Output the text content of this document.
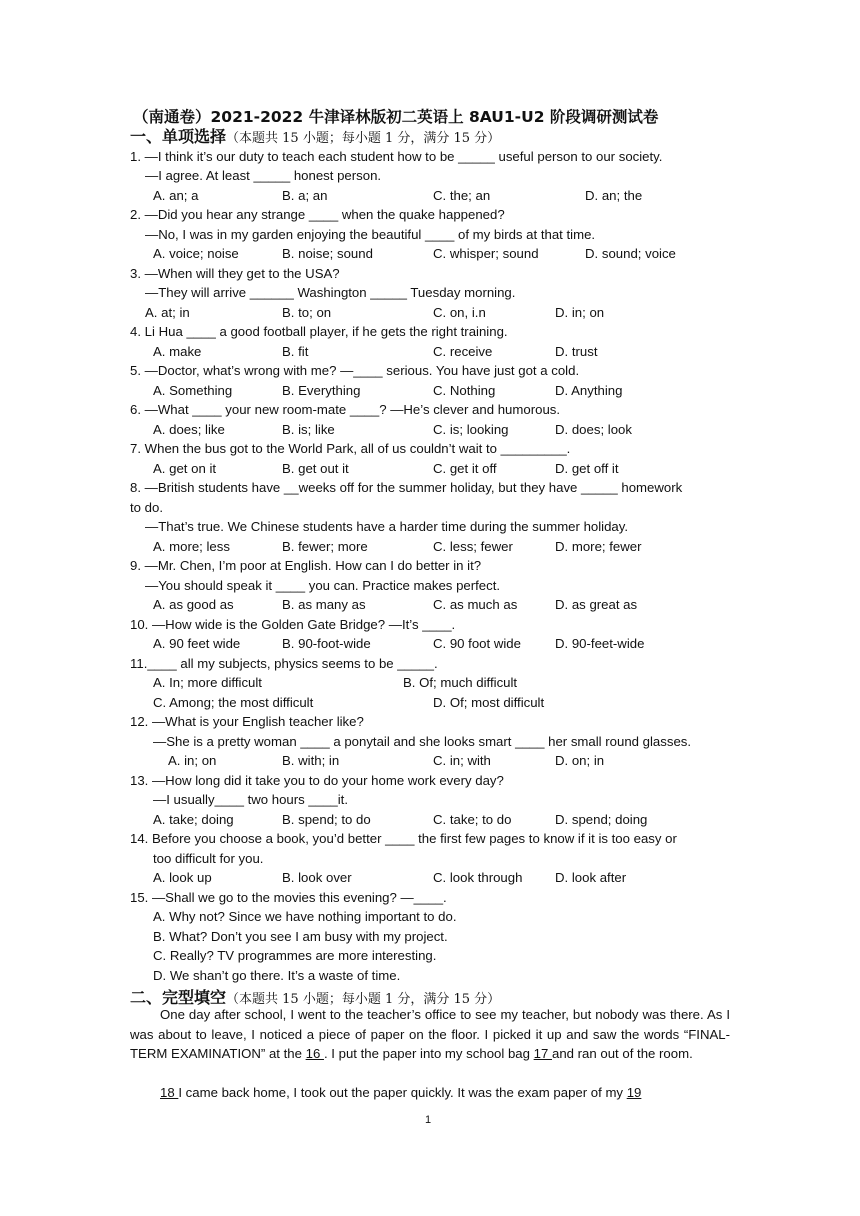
（南通卷）2021-2022 牛津译林版初二英语上 8AU1-U2 阶段调研测试卷
一、单项选择（本题共 15 小题；每小题 1 分，满分 15 分）
1. —I think it’s our duty to teach each student how to be _____ useful person to our society.
—I agree. At least _____ honest person.
A. an; a	B. a; an	C. the; an	D. an; the
2. —Did you hear any strange ____ when the quake happened?
—No, I was in my garden enjoying the beautiful ____ of my birds at that time.
A. voice; noise	B. noise; sound	C. whisper; sound	D. sound; voice
3. —When will they get to the USA?
—They will arrive ______ Washington _____ Tuesday morning.
A. at; in	B. to; on	C. on, i.n	D. in; on
4. Li Hua ____ a good football player, if he gets the right training.
A. make	B. fit	C. receive	D. trust
5. —Doctor, what’s wrong with me? —____ serious. You have just got a cold.
A. Something	B. Everything	C. Nothing	D. Anything
6. —What ____ your new room-mate ____? —He’s clever and humorous.
A. does; like	B. is; like	C. is; looking	D. does; look
7. When the bus got to the World Park, all of us couldn’t wait to _________.
A. get on it	B. get out it	C. get it off	D. get off it
8. —British students have __weeks off for the summer holiday, but they have _____ homework
to do.
—That’s true. We Chinese students have a harder time during the summer holiday.
A. more; less	B. fewer; more	C. less; fewer	D. more; fewer
9. —Mr. Chen, I’m poor at English. How can I do better in it?
—You should speak it ____ you can. Practice makes perfect.
A. as good as	B. as many as	C. as much as	D. as great as
10. —How wide is the Golden Gate Bridge? —It’s ____.
A. 90 feet wide	B. 90-foot-wide	C. 90 foot wide	D. 90-feet-wide
11.____ all my subjects, physics seems to be _____.
A. In; more difficult	B. Of; much difficult
C. Among; the most difficult	D. Of; most difficult
12. —What is your English teacher like?
—She is a pretty woman ____ a ponytail and she looks smart ____ her small round glasses.
A. in; on	B. with; in	C. in; with	D. on; in
13. —How long did it take you to do your home work every day?
—I usually____ two hours ____it.
A. take; doing	B. spend; to do	C. take; to do	D. spend; doing
14. Before you choose a book, you’d better ____ the first few pages to know if it is too easy or
too difficult for you.
A. look up	B. look over	C. look through D. look after
15. —Shall we go to the movies this evening? —____.
A. Why not? Since we have nothing important to do.
B. What? Don’t you see I am busy with my project.
C. Really? TV programmes are more interesting.
D. We shan’t go there. It’s a waste of time.
二、完型填空（本题共 15 小题；每小题 1 分，满分 15 分）
One day after school, I went to the teacher’s office to see my teacher, but nobody was there. As I was about to leave, I noticed a piece of paper on the floor. I picked it up and saw the words “FINAL-TERM EXAMINATION” at the 16 . I put the paper into my school bag 17 and ran out of the room.
18 I came back home, I took out the paper quickly. It was the exam paper of my 19
1
